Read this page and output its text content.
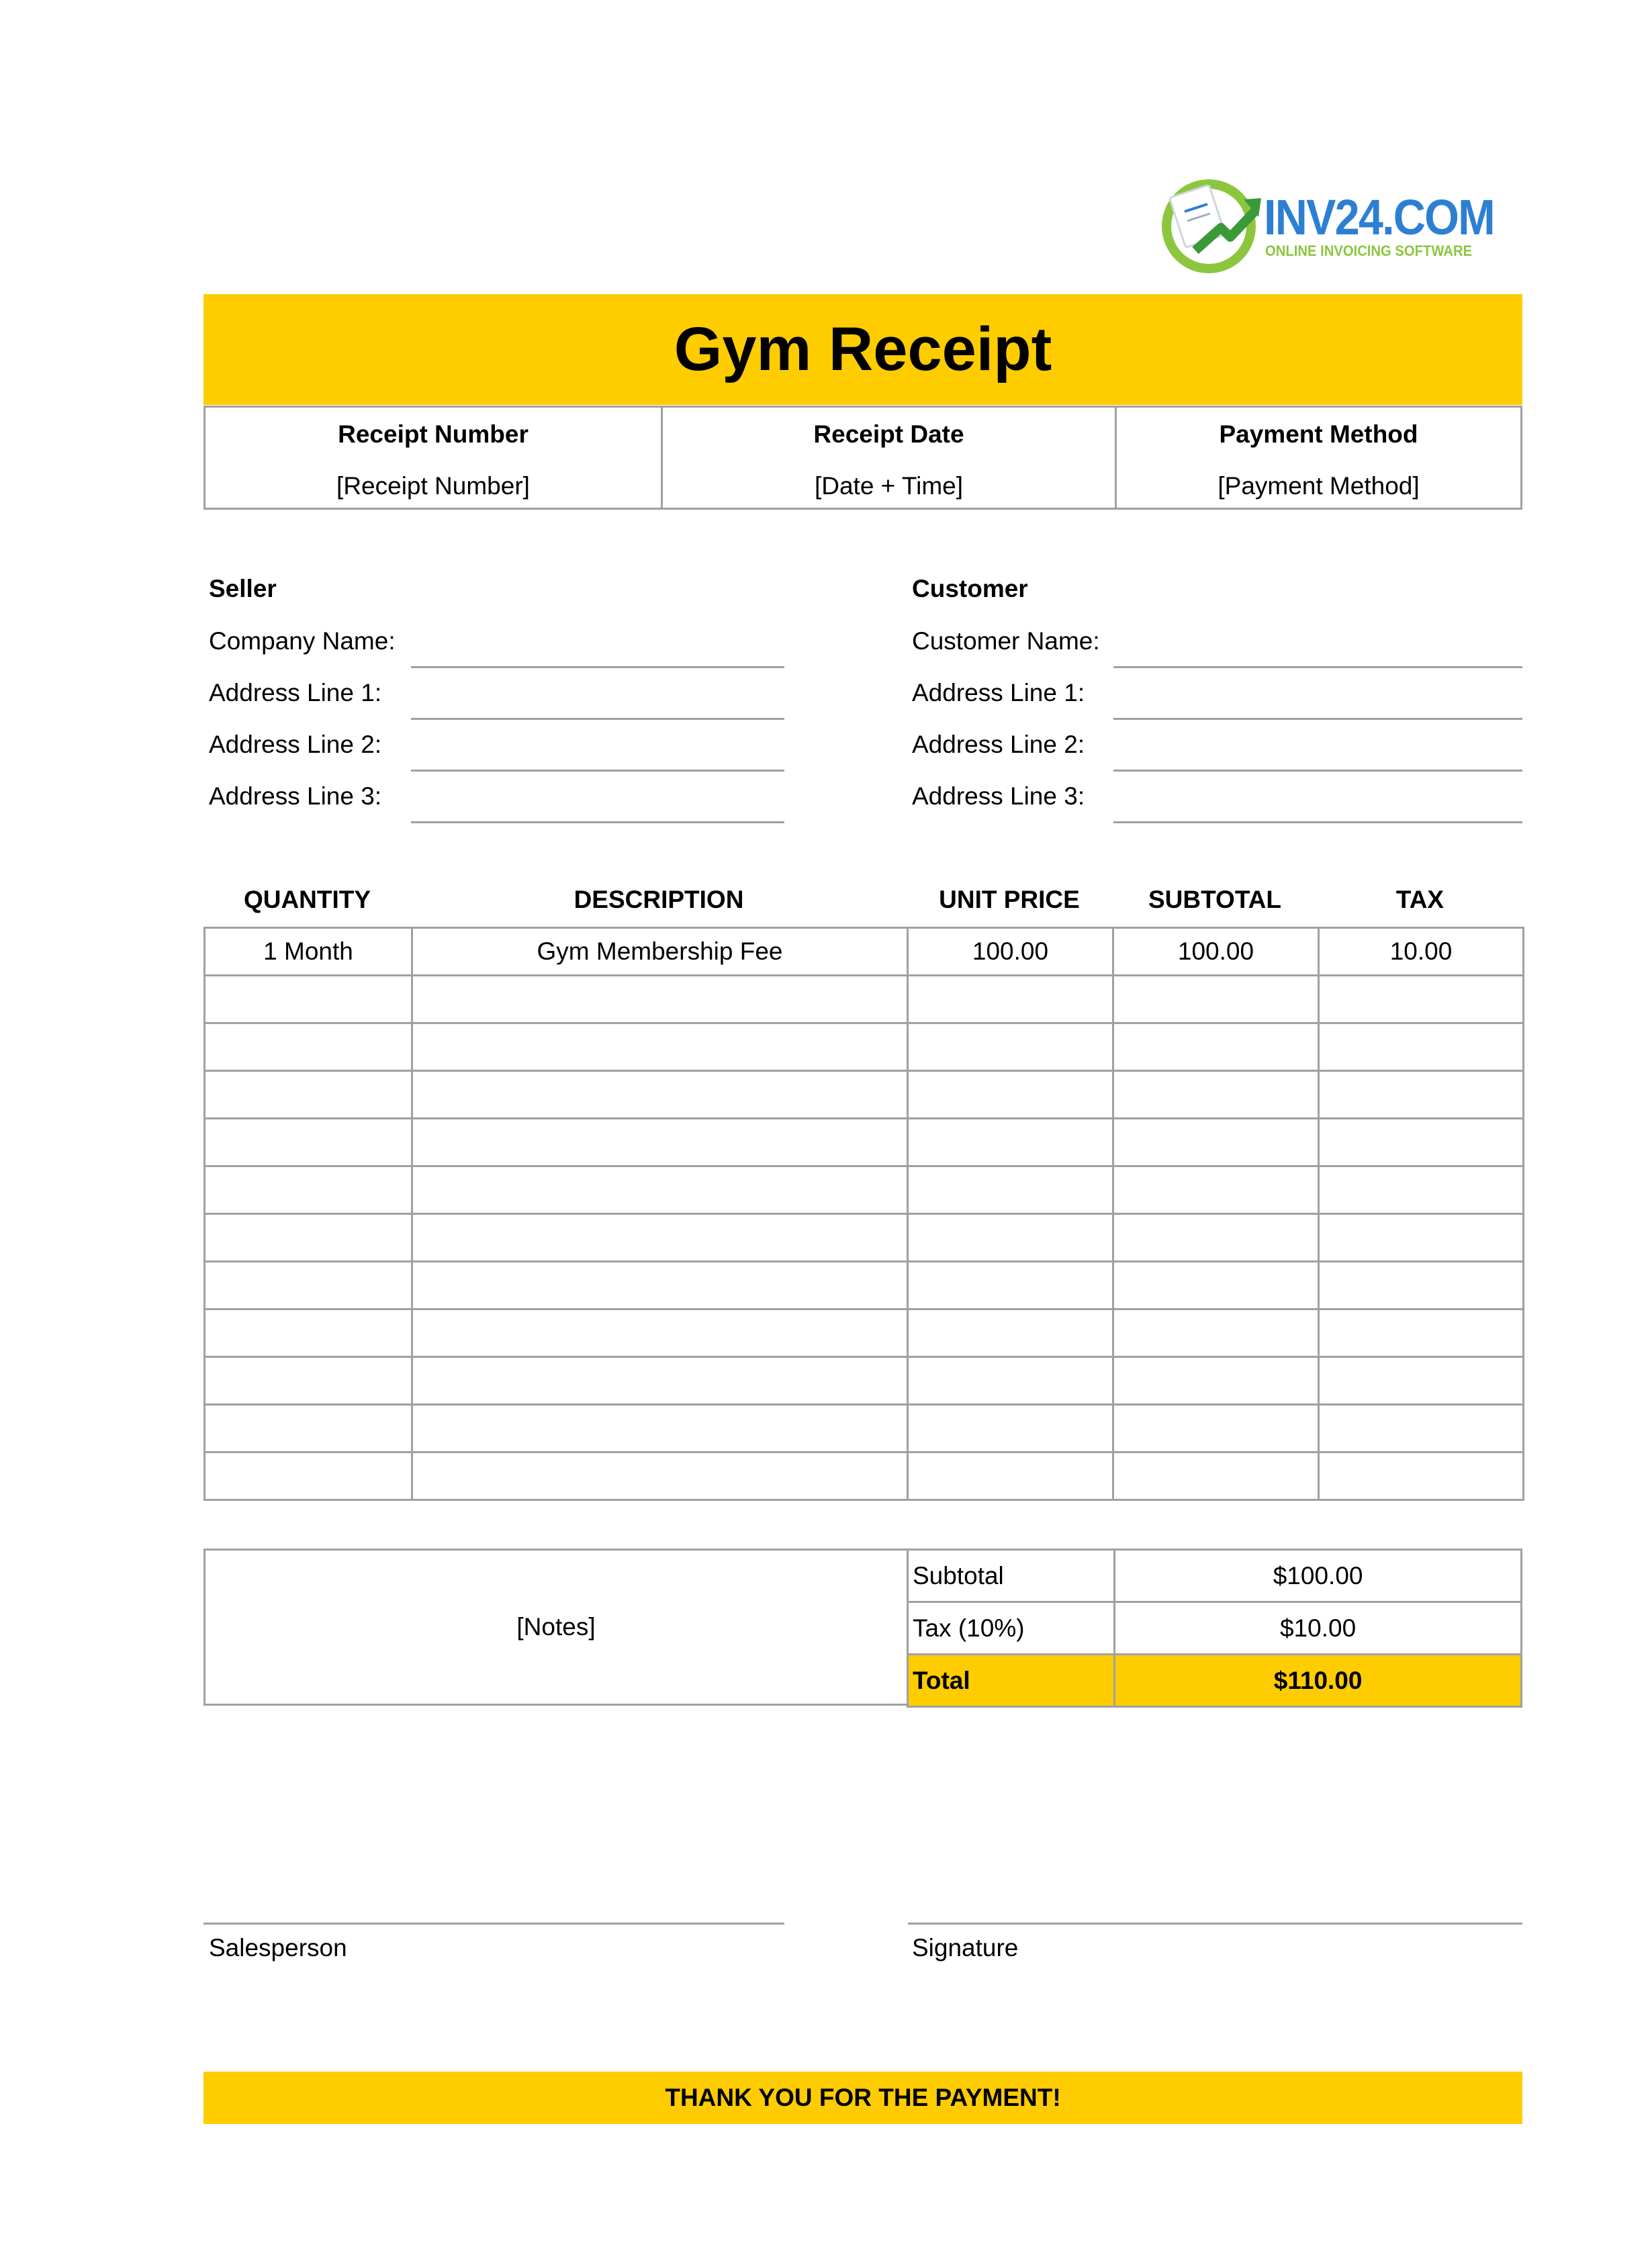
INV24.COM
ONLINE INVOICING SOFTWARE
Gym Receipt
Receipt Number
[Receipt Number]
Receipt Date
[Date + Time]
Payment Method
[Payment Method]
Seller
Company Name:
Address Line 1:
Address Line 2:
Address Line 3:
Customer
Customer Name:
Address Line 1:
Address Line 2:
Address Line 3:
QUANTITY	DESCRIPTION	UNIT PRICE	SUBTOTAL	TAX
1 Month	Gym Membership Fee	100.00	100.00	10.00

[Notes]
Subtotal	$100.00
Tax (10%)	$10.00
Total	$110.00
Salesperson	Signature
THANK YOU FOR THE PAYMENT!
